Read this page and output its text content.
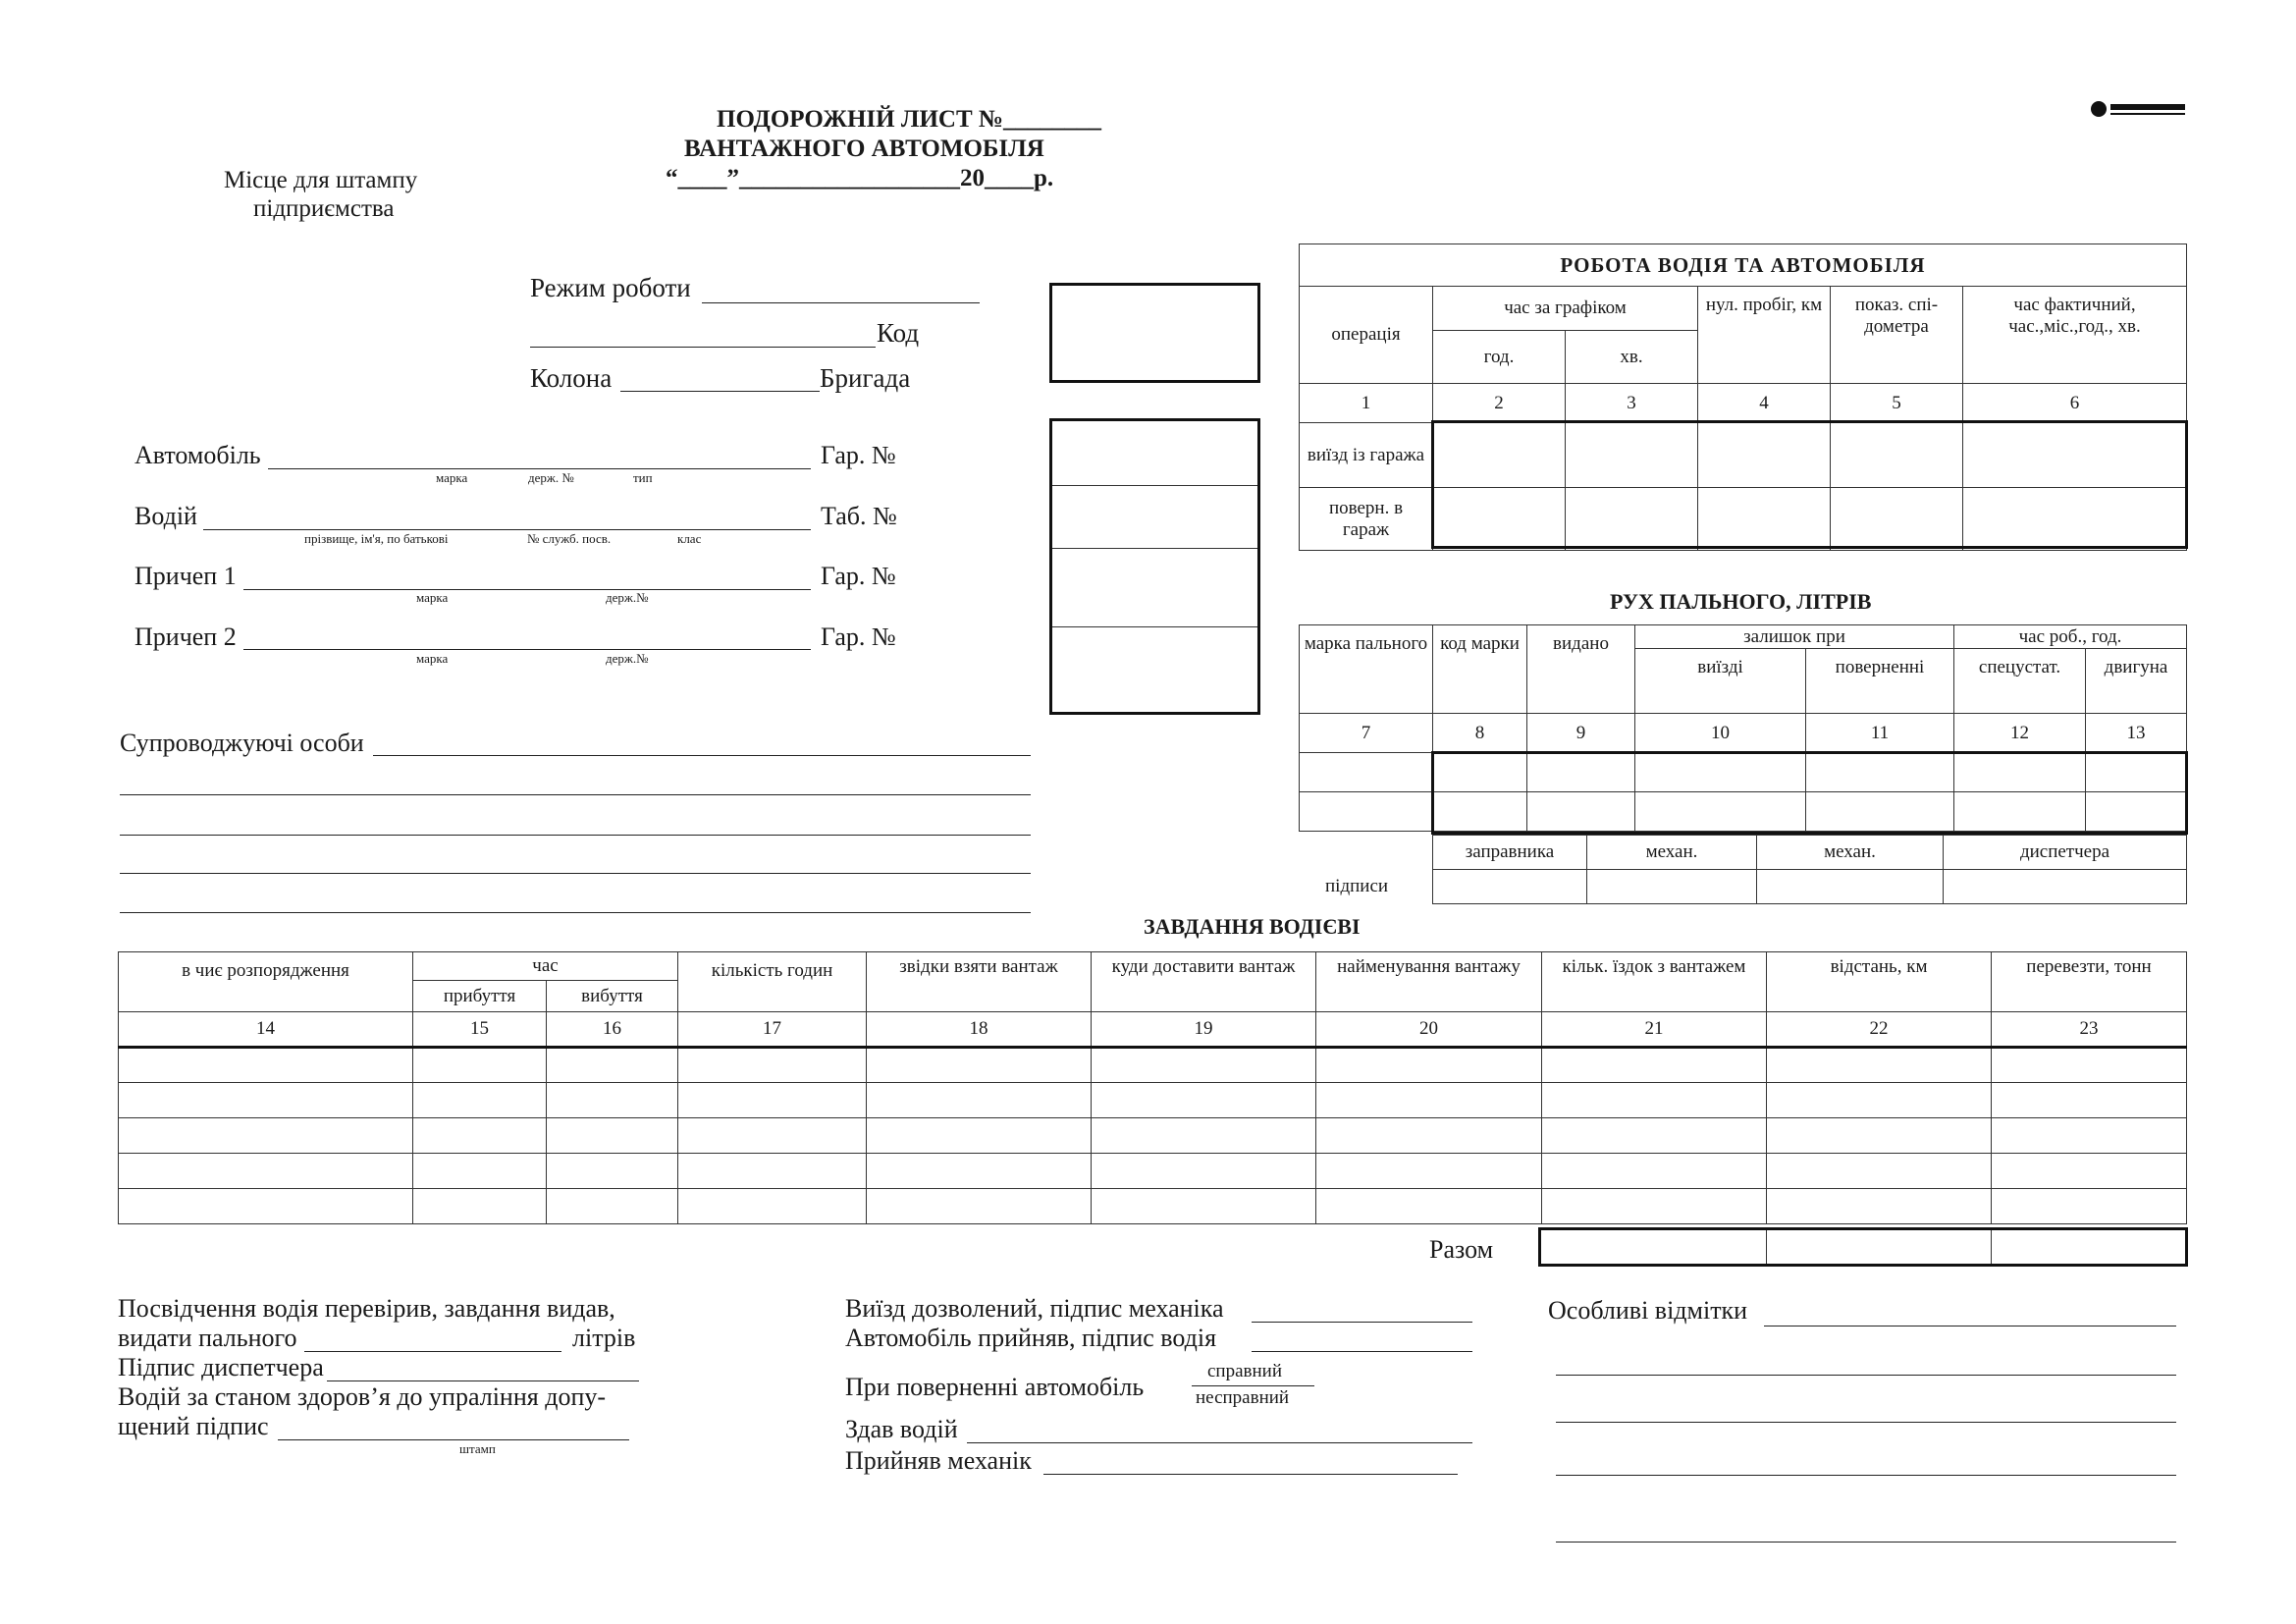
ПОДОРОЖНІЙ ЛИСТ №________
ВАНТАЖНОГО АВТОМОБІЛЯ
“____”__________________20____р.
Місце для штампу
підприємства
Режим роботи
Код
Колона	Бригада
Автомобіль
марка	держ. №	тип
Гар. №
Водій
прізвище, ім'я, по батькові	№ служб. посв.	клас
Таб. №
Причеп 1
марка	держ.№
Гар. №
Причеп 2
марка	держ.№
Гар. №
Супроводжуючі особи
РОБОТА ВОДІЯ ТА АВТОМОБІЛЯ					
операція	час за графіком		нул. пробіг, км	показ. спі-дометра	час фактичний, час.,міс.,год., хв.
	год.	хв.			
1	2	3	4	5	6
виїзд із гаража					
поверн. в гараж					
РУХ ПАЛЬНОГО, ЛІТРІВ
марка пального	код марки	видано	залишок при		час роб., год.	
			виїзді	поверненні	спецустат.	двигуна
7	8	9	10	11	12	13

підписи
заправника	механ.	механ.	диспетчера

ЗАВДАННЯ ВОДІЄВІ
в чиє розпорядження	час		кількість годин	звідки взяти вантаж	куди доставити вантаж	найменування вантажу	кільк. їздок з вантажем	відстань, км	перевезти, тонн
	прибуття	вибуття							
14	15	16	17	18	19	20	21	22	23

Разом
Посвідчення водія перевірив, завдання видав,
видати пального	літрів
Підпис диспетчера
Водій за станом здоров’я до упралiння допу-
щений підпис
штамп
Виїзд дозволений, підпис механіка
Автомобіль прийняв, підпис водія
При поверненні автомобіль
справний
несправний
Здав водій
Прийняв механік
Особливі відмітки
